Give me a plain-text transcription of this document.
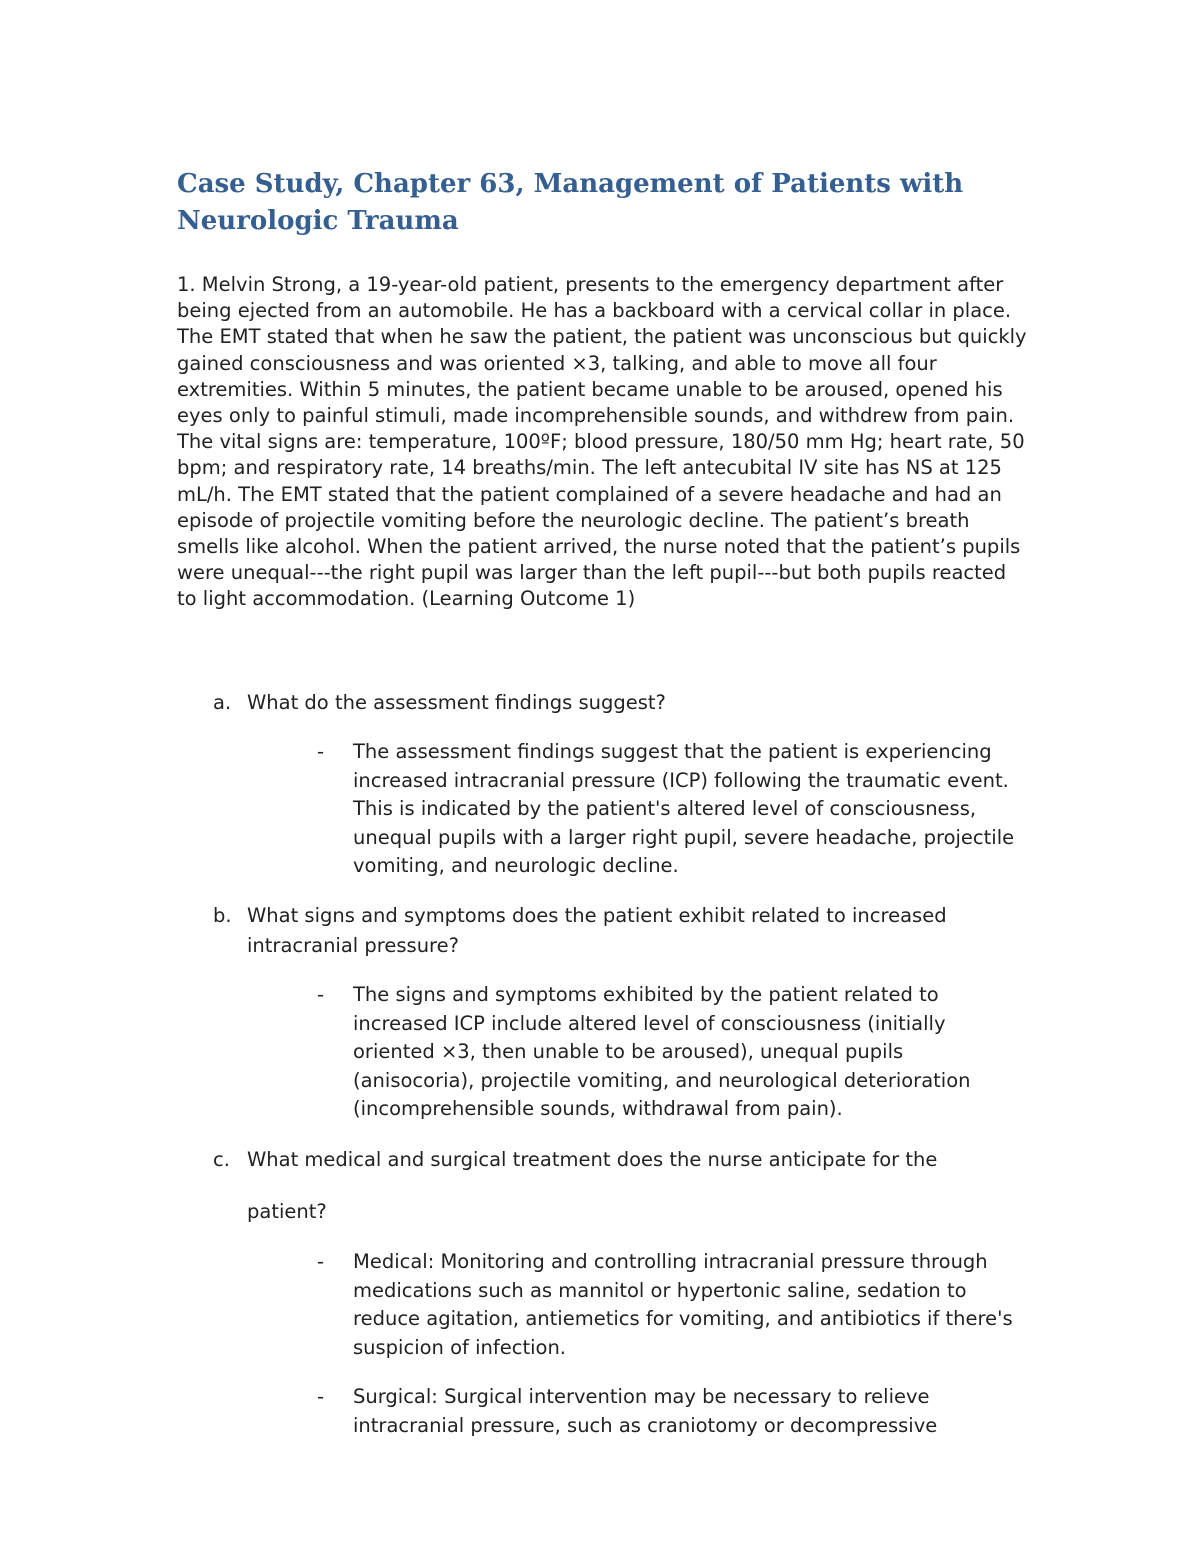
Case Study, Chapter 63, Management of Patients with Neurologic Trauma

1. Melvin Strong, a 19-year-old patient, presents to the emergency department after being ejected from an automobile. He has a backboard with a cervical collar in place. The EMT stated that when he saw the patient, the patient was unconscious but quickly gained consciousness and was oriented ×3, talking, and able to move all four extremities. Within 5 minutes, the patient became unable to be aroused, opened his eyes only to painful stimuli, made incomprehensible sounds, and withdrew from pain. The vital signs are: temperature, 100ºF; blood pressure, 180/50 mm Hg; heart rate, 50 bpm; and respiratory rate, 14 breaths/min. The left antecubital IV site has NS at 125 mL/h. The EMT stated that the patient complained of a severe headache and had an episode of projectile vomiting before the neurologic decline. The patient’s breath smells like alcohol. When the patient arrived, the nurse noted that the patient’s pupils were unequal---the right pupil was larger than the left pupil---but both pupils reacted to light accommodation. (Learning Outcome 1)

a. What do the assessment findings suggest?
-	The assessment findings suggest that the patient is experiencing increased intracranial pressure (ICP) following the traumatic event. This is indicated by the patient's altered level of consciousness, unequal pupils with a larger right pupil, severe headache, projectile vomiting, and neurologic decline.
b. What signs and symptoms does the patient exhibit related to increased intracranial pressure?
-	The signs and symptoms exhibited by the patient related to increased ICP include altered level of consciousness (initially oriented ×3, then unable to be aroused), unequal pupils (anisocoria), projectile vomiting, and neurological deterioration (incomprehensible sounds, withdrawal from pain).
c. What medical and surgical treatment does the nurse anticipate for the
patient?
-	Medical: Monitoring and controlling intracranial pressure through medications such as mannitol or hypertonic saline, sedation to reduce agitation, antiemetics for vomiting, and antibiotics if there's suspicion of infection.
-	Surgical: Surgical intervention may be necessary to relieve intracranial pressure, such as craniotomy or decompressive
